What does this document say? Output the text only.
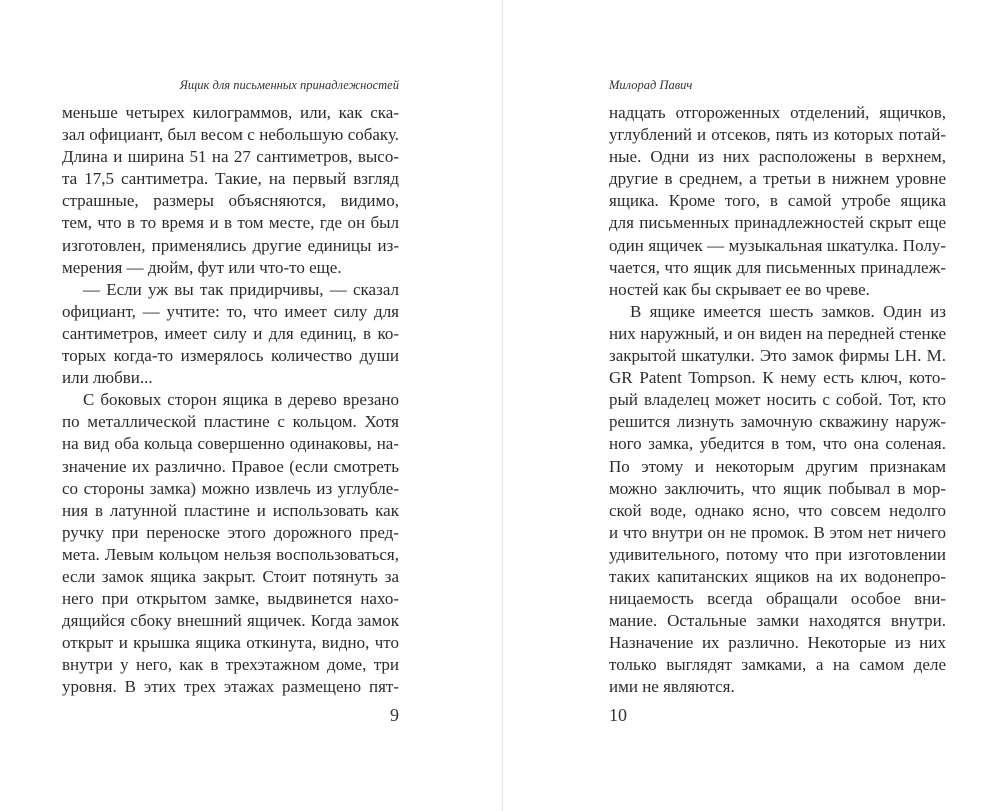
Ящик для письменных принадлежностей
меньше четырех килограммов, или, как ска-
зал официант, был весом с небольшую собаку.
Длина и ширина 51 на 27 сантиметров, высо-
та 17,5 сантиметра. Такие, на первый взгляд
страшные, размеры объясняются, видимо,
тем, что в то время и в том месте, где он был
изготовлен, применялись другие единицы из-
мерения — дюйм, фут или что-то еще.
— Если уж вы так придирчивы, — сказал
официант, — учтите: то, что имеет силу для
сантиметров, имеет силу и для единиц, в ко-
торых когда-то измерялось количество души
или любви...
С боковых сторон ящика в дерево врезано
по металлической пластине с кольцом. Хотя
на вид оба кольца совершенно одинаковы, на-
значение их различно. Правое (если смотреть
со стороны замка) можно извлечь из углубле-
ния в латунной пластине и использовать как
ручку при переноске этого дорожного пред-
мета. Левым кольцом нельзя воспользоваться,
если замок ящика закрыт. Стоит потянуть за
него при открытом замке, выдвинется нахо-
дящийся сбоку внешний ящичек. Когда замок
открыт и крышка ящика откинута, видно, что
внутри у него, как в трехэтажном доме, три
уровня. В этих трех этажах размещено пят-
9
Милорад Павич
надцать отгороженных отделений, ящичков,
углублений и отсеков, пять из которых потай-
ные. Одни из них расположены в верхнем,
другие в среднем, а третьи в нижнем уровне
ящика. Кроме того, в самой утробе ящика
для письменных принадлежностей скрыт еще
один ящичек — музыкальная шкатулка. Полу-
чается, что ящик для письменных принадлеж-
ностей как бы скрывает ее во чреве.
В ящике имеется шесть замков. Один из
них наружный, и он виден на передней стенке
закрытой шкатулки. Это замок фирмы LH. M.
GR Patent Tompson. К нему есть ключ, кото-
рый владелец может носить с собой. Тот, кто
решится лизнуть замочную скважину наруж-
ного замка, убедится в том, что она соленая.
По этому и некоторым другим признакам
можно заключить, что ящик побывал в мор-
ской воде, однако ясно, что совсем недолго
и что внутри он не промок. В этом нет ничего
удивительного, потому что при изготовлении
таких капитанских ящиков на их водонепро-
ницаемость всегда обращали особое вни-
мание. Остальные замки находятся внутри.
Назначение их различно. Некоторые из них
только выглядят замками, а на самом деле
ими не являются.
10
